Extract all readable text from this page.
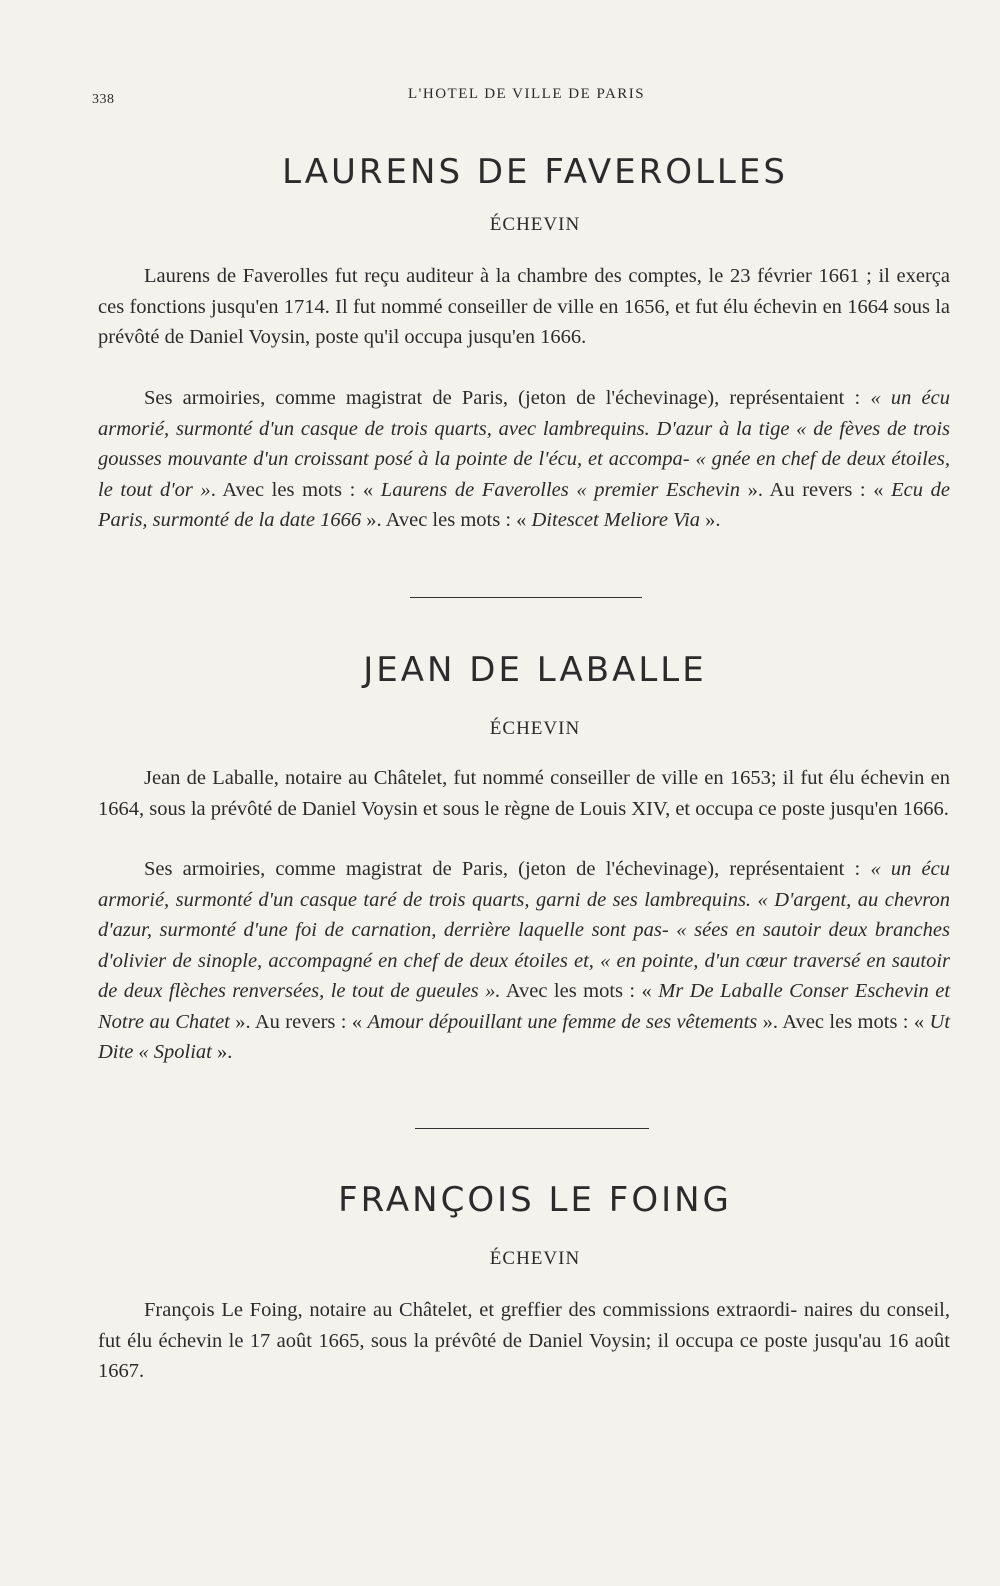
338	L'HOTEL DE VILLE DE PARIS
LAURENS DE FAVEROLLES
ÉCHEVIN

Laurens de Faverolles fut reçu auditeur à la chambre des comptes, le 23 février 1661 ; il exerça ces fonctions jusqu'en 1714. Il fut nommé conseiller de ville en 1656, et fut élu échevin en 1664 sous la prévôté de Daniel Voysin, poste qu'il occupa jusqu'en 1666.

Ses armoiries, comme magistrat de Paris, (jeton de l'échevinage), représentaient : « un écu armorié, surmonté d'un casque de trois quarts, avec lambrequins. D'azur à la tige « de fèves de trois gousses mouvante d'un croissant posé à la pointe de l'écu, et accompa- « gnée en chef de deux étoiles, le tout d'or ». Avec les mots : « Laurens de Faverolles « premier Eschevin ». Au revers : « Ecu de Paris, surmonté de la date 1666 ». Avec les mots : « Ditescet Meliore Via ».

JEAN DE LABALLE
ÉCHEVIN

Jean de Laballe, notaire au Châtelet, fut nommé conseiller de ville en 1653; il fut élu échevin en 1664, sous la prévôté de Daniel Voysin et sous le règne de Louis XIV, et occupa ce poste jusqu'en 1666.

Ses armoiries, comme magistrat de Paris, (jeton de l'échevinage), représentaient : « un écu armorié, surmonté d'un casque taré de trois quarts, garni de ses lambrequins. « D'argent, au chevron d'azur, surmonté d'une foi de carnation, derrière laquelle sont pas- « sées en sautoir deux branches d'olivier de sinople, accompagné en chef de deux étoiles et, « en pointe, d'un cœur traversé en sautoir de deux flèches renversées, le tout de gueules ». Avec les mots : « Mr De Laballe Conser Eschevin et Notre au Chatet ». Au revers : « Amour dépouillant une femme de ses vêtements ». Avec les mots : « Ut Dite « Spoliat ».

FRANÇOIS LE FOING
ÉCHEVIN

François Le Foing, notaire au Châtelet, et greffier des commissions extraordi- naires du conseil, fut élu échevin le 17 août 1665, sous la prévôté de Daniel Voysin; il occupa ce poste jusqu'au 16 août 1667.
